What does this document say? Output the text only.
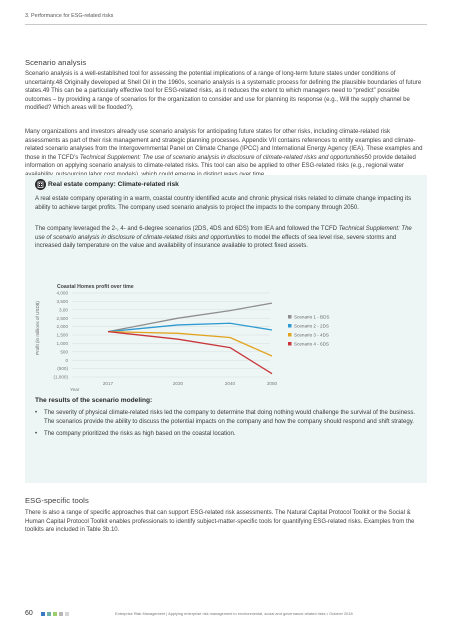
3. Performance for ESG-related risks
Scenario analysis

Scenario analysis is a well-established tool for assessing the potential implications of a range of long-term future states under conditions of uncertainty.48 Originally developed at Shell Oil in the 1960s, scenario analysis is a systematic process for defining the plausible boundaries of future states.49 This can be a particularly effective tool for ESG-related risks, as it reduces the extent to which managers need to “predict” possible outcomes – by providing a range of scenarios for the organization to consider and use for planning its response (e.g., Will the supply channel be modified? Which areas will be flooded?).

Many organizations and investors already use scenario analysis for anticipating future states for other risks, including climate-related risk assessments as part of their risk management and strategic planning processes. Appendix VII contains references to entity examples and climate-related scenario analyses from the Intergovernmental Panel on Climate Change (IPCC) and International Energy Agency (IEA). These examples and those in the TCFD’s Technical Supplement: The use of scenario analysis in disclosure of climate-related risks and opportunities50 provide detailed information on applying scenario analysis to climate-related risks. This tool can also be applied to other ESG-related risks (e.g., regional water

Real estate company: Climate-related risk

A real estate company operating in a warm, coastal country identified acute and chronic physical risks related to climate change impacting its ability to achieve target profits. The company used scenario analysis to project the impacts to the company through 2050.

The company leveraged the 2-, 4- and 6-degree scenarios (2DS, 4DS and 6DS) from IEA and followed the TCFD Technical Supplement: The use of scenario analysis in disclosure of climate-related risks and opportunities to model the effects of sea level rise, severe storms and increased daily temperature on the value and availability of insurance available to protect fixed assets.

Coastal Homes profit over time
Profit (in millions of USD$)
4,000
3,500
3,00
2,500
2,000
1,500
1,000
500
0
(500)
(1,000)
2017	2030	2040	2050
Year
Scenario 1 - BDS
Scenario 2 - 2DS
Scenario 3 - 4DS
Scenario 4 - 6DS
The results of the scenario modeling:
• The severity of physical climate-related risks led the company to determine that doing nothing would challenge the survival of the business. The scenarios provide the ability to discuss the potential impacts on the company and how the company should respond and shift strategy.
• The company prioritized the risks as high based on the coastal location.
ESG-specific tools

There is also a range of specific approaches that can support ESG-related risk assessments. The Natural Capital Protocol Toolkit or the Social & Human Capital Protocol Toolkit enables professionals to identify subject-matter-specific tools for quantifying ESG-related risks. Examples from the toolkits are included in Table 3b.10.

60	Enterprise Risk Management | Applying enterprise risk management to environmental, social and governance-related risks • October 2018
